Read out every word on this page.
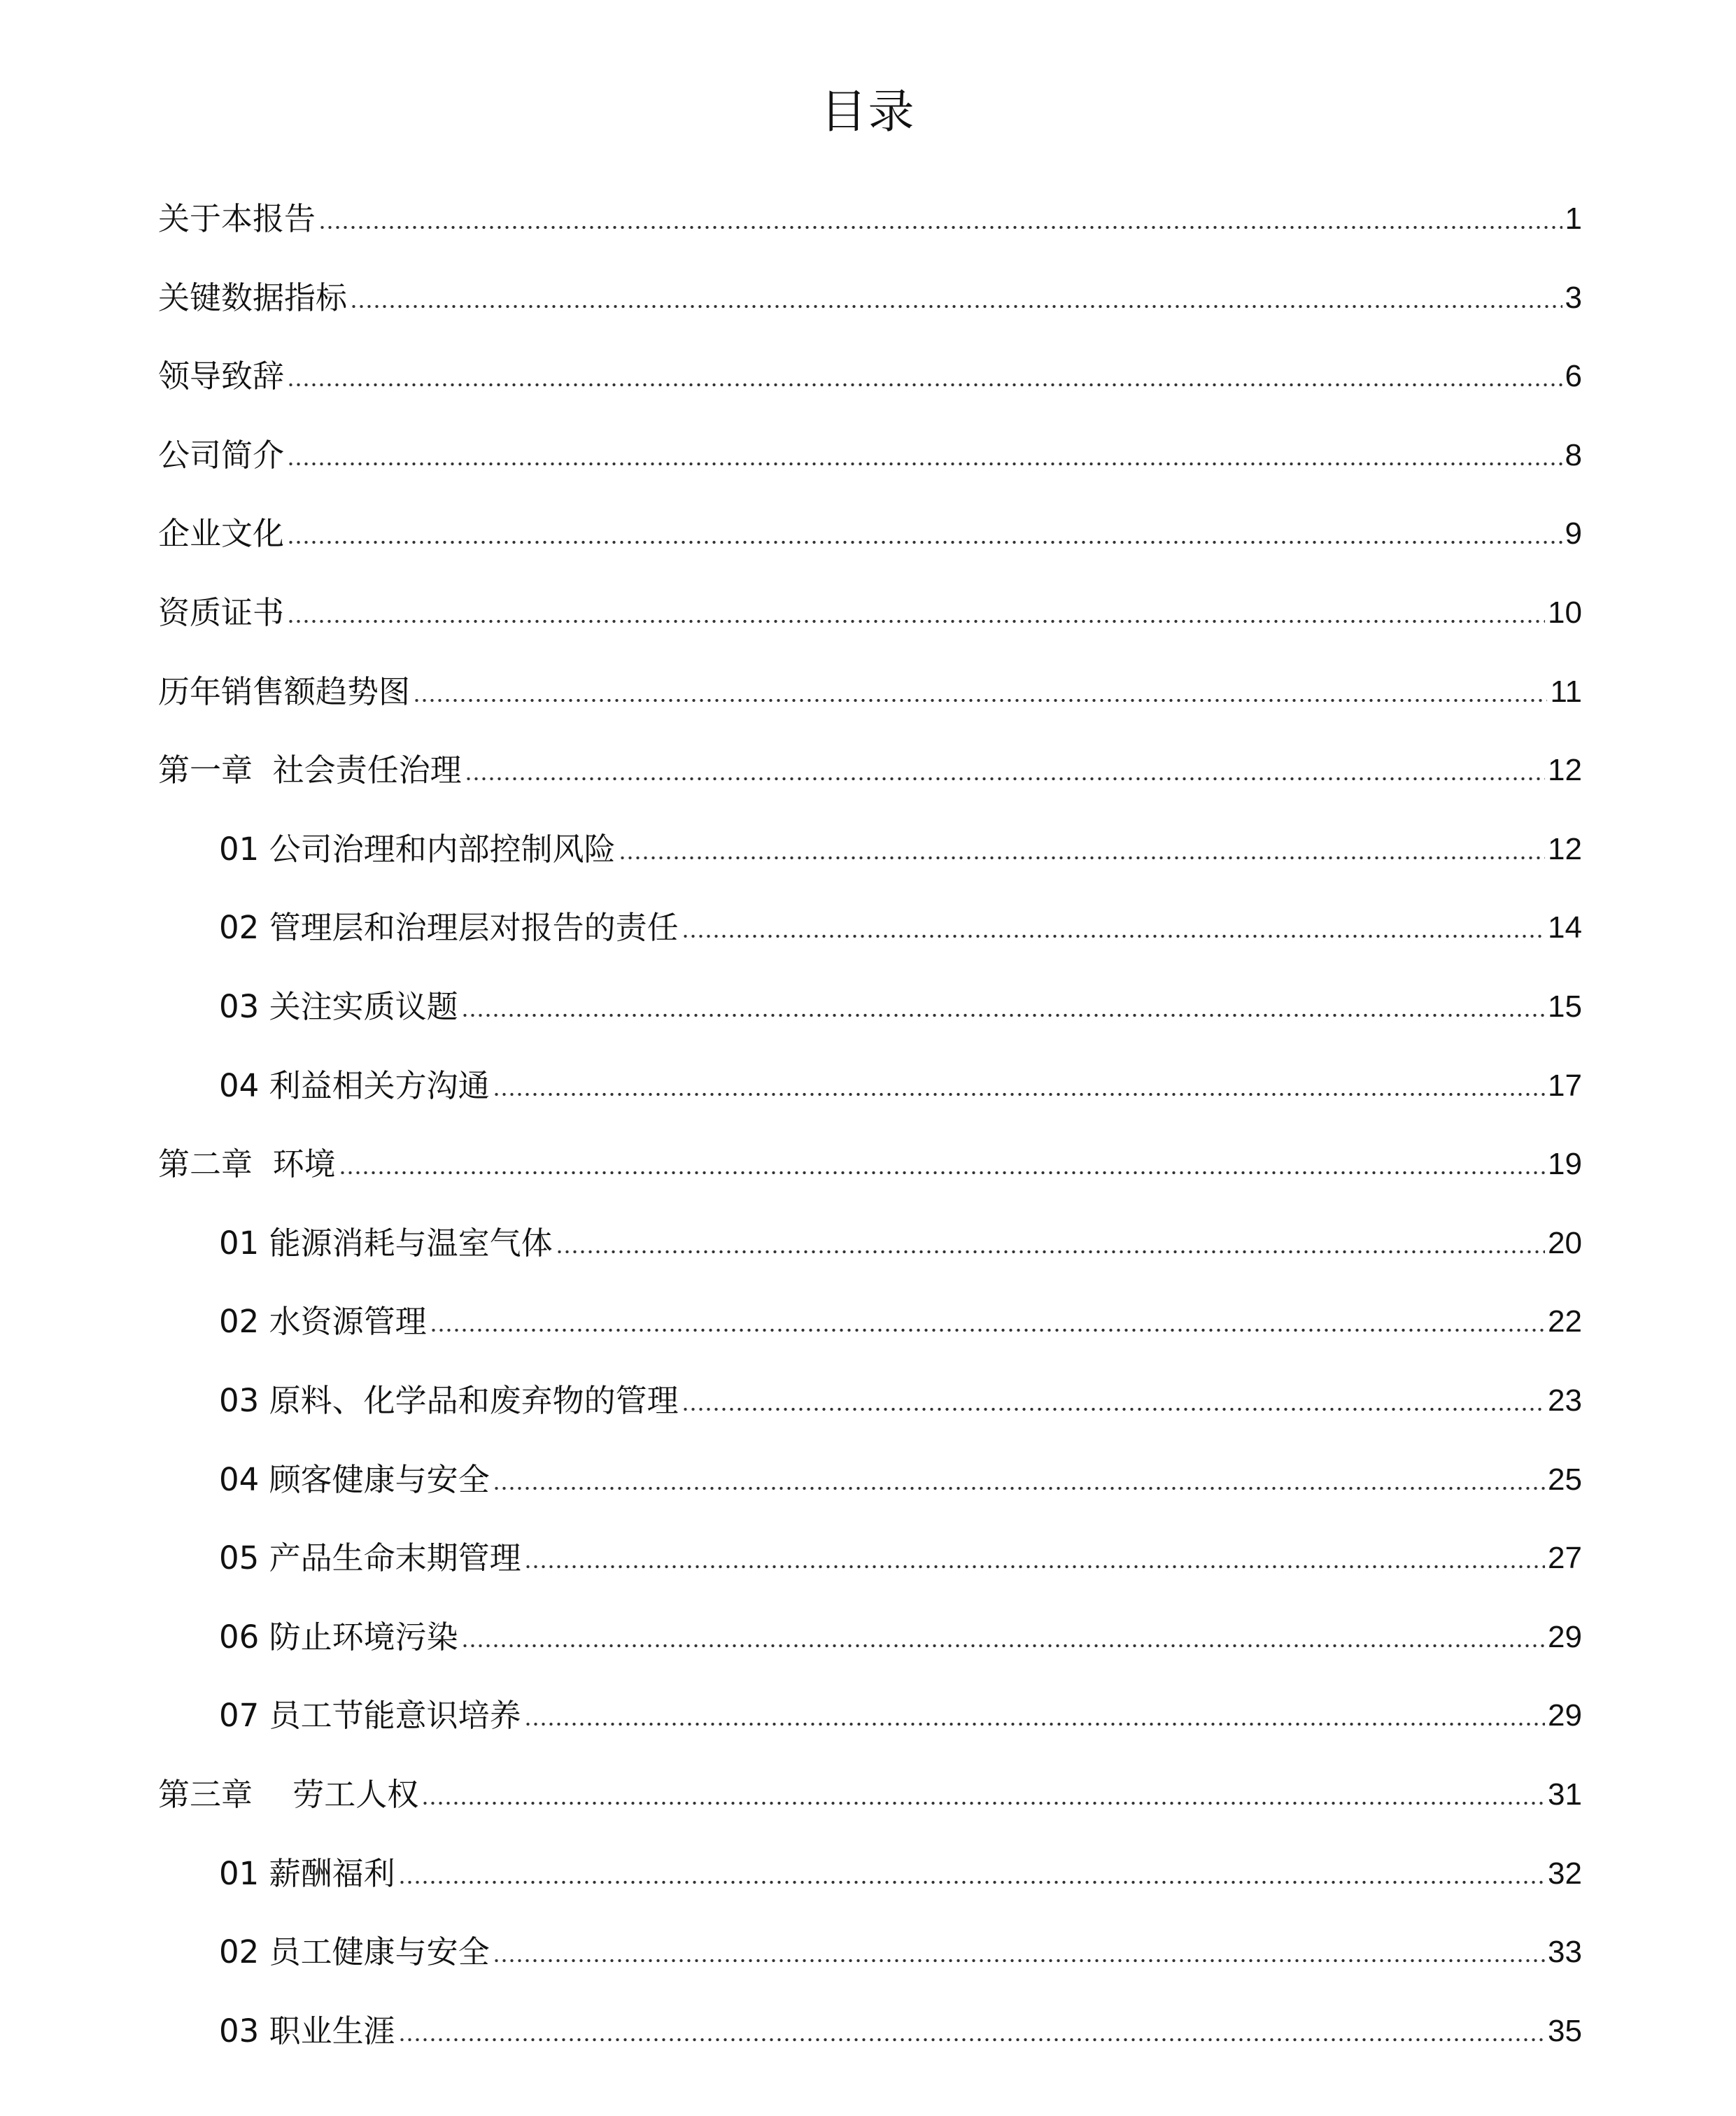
目录
关于本报告	1
关键数据指标	3
领导致辞	6
公司简介	8
企业文化	9
资质证书	10
历年销售额趋势图	11
第一章  社会责任治理	12
01 公司治理和内部控制风险	12
02 管理层和治理层对报告的责任	14
03 关注实质议题	15
04 利益相关方沟通	17
第二章  环境	19
01 能源消耗与温室气体	20
02 水资源管理	22
03 原料、化学品和废弃物的管理	23
04 顾客健康与安全	25
05 产品生命末期管理	27
06 防止环境污染	29
07 员工节能意识培养	29
第三章    劳工人权	31
01 薪酬福利	32
02 员工健康与安全	33
03 职业生涯	35
